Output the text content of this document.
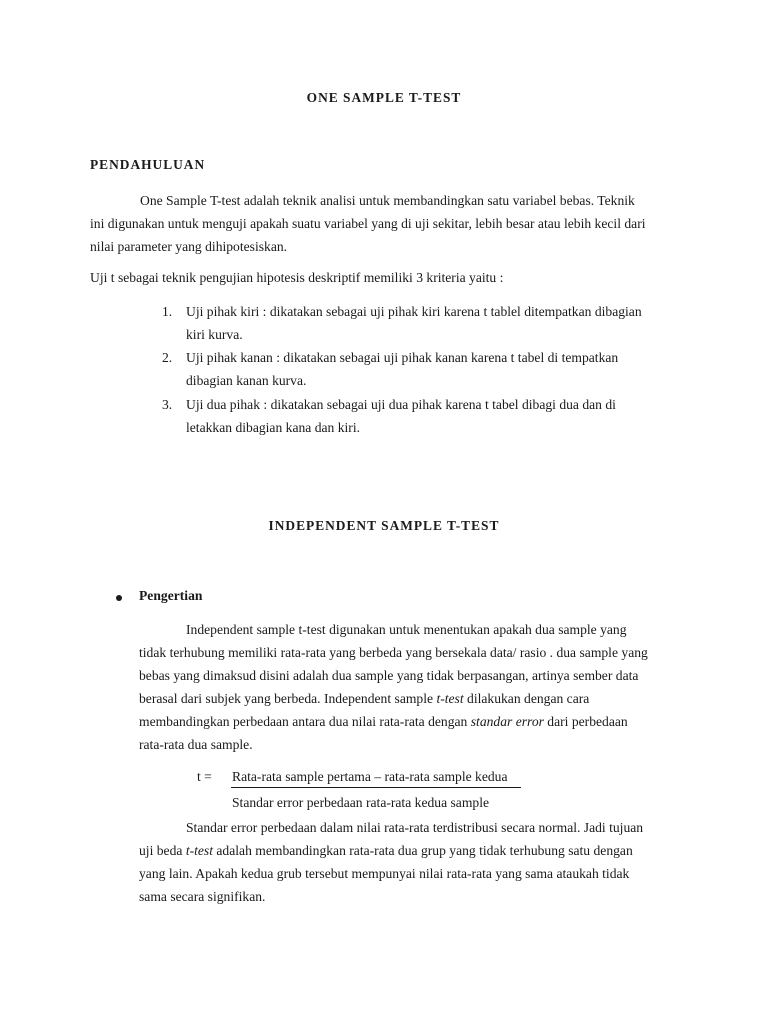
ONE SAMPLE T-TEST
PENDAHULUAN
One Sample T-test adalah teknik analisi untuk membandingkan satu variabel bebas. Teknik
ini digunakan untuk menguji apakah suatu variabel yang di uji sekitar, lebih besar atau lebih kecil dari
nilai parameter yang dihipotesiskan.
Uji t sebagai teknik pengujian hipotesis deskriptif memiliki 3 kriteria yaitu :
1. Uji pihak kiri : dikatakan sebagai uji pihak kiri karena t tablel ditempatkan dibagian
kiri kurva.
2. Uji pihak kanan : dikatakan sebagai uji pihak kanan karena t tabel di tempatkan
dibagian kanan kurva.
3. Uji dua pihak : dikatakan sebagai uji dua pihak karena t tabel dibagi dua dan di
letakkan dibagian kana dan kiri.
INDEPENDENT SAMPLE T-TEST
Pengertian
Independent sample t-test digunakan untuk menentukan apakah dua sample yang
tidak terhubung memiliki rata-rata yang berbeda yang bersekala data/ rasio . dua sample yang
bebas yang dimaksud disini adalah dua sample yang tidak berpasangan, artinya sember data
berasal dari subjek yang berbeda. Independent sample t-test dilakukan dengan cara
membandingkan perbedaan antara dua nilai rata-rata dengan standar error dari perbedaan
rata-rata dua sample.
t = Rata-rata sample pertama – rata-rata sample kedua
Standar error perbedaan rata-rata kedua sample
Standar error perbedaan dalam nilai rata-rata terdistribusi secara normal. Jadi tujuan
uji beda t-test adalah membandingkan rata-rata dua grup yang tidak terhubung satu dengan
yang lain. Apakah kedua grub tersebut mempunyai nilai rata-rata yang sama ataukah tidak
sama secara signifikan.
